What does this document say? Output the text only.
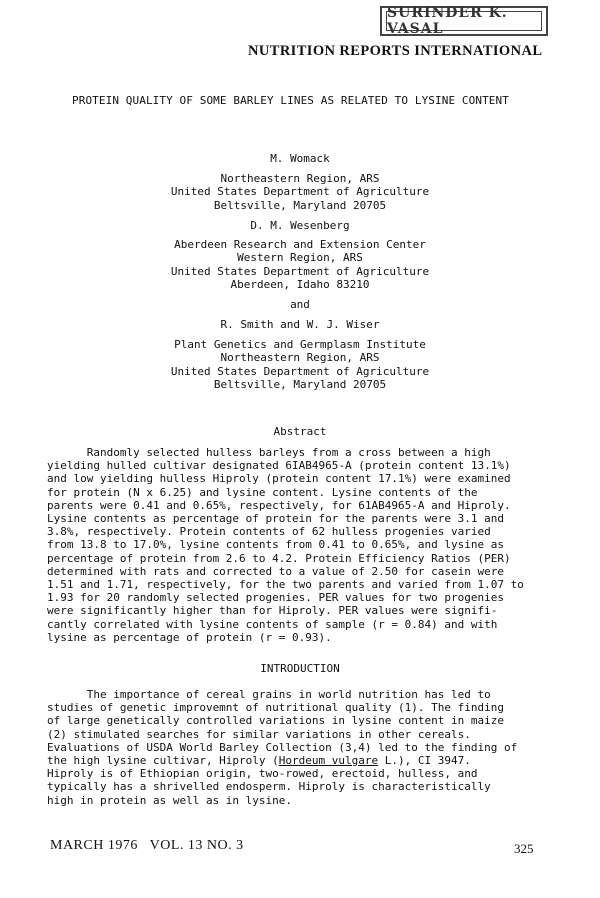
SURINDER K. VASAL
NUTRITION REPORTS INTERNATIONAL
PROTEIN QUALITY OF SOME BARLEY LINES AS RELATED TO LYSINE CONTENT
M. Womack
Northeastern Region, ARS
United States Department of Agriculture
Beltsville, Maryland 20705
D. M. Wesenberg
Aberdeen Research and Extension Center
Western Region, ARS
United States Department of Agriculture
Aberdeen, Idaho 83210
and
R. Smith and W. J. Wiser
Plant Genetics and Germplasm Institute
Northeastern Region, ARS
United States Department of Agriculture
Beltsville, Maryland 20705
Abstract
Randomly selected hulless barleys from a cross between a high
yielding hulled cultivar designated 6IAB4965-A (protein content 13.1%)
and low yielding hulless Hiproly (protein content 17.1%) were examined
for protein (N x 6.25) and lysine content. Lysine contents of the
parents were 0.41 and 0.65%, respectively, for 61AB4965-A and Hiproly.
Lysine contents as percentage of protein for the parents were 3.1 and
3.8%, respectively. Protein contents of 62 hulless progenies varied
from 13.8 to 17.0%, lysine contents from 0.41 to 0.65%, and lysine as
percentage of protein from 2.6 to 4.2. Protein Efficiency Ratios (PER)
determined with rats and corrected to a value of 2.50 for casein were
1.51 and 1.71, respectively, for the two parents and varied from 1.07 to
1.93 for 20 randomly selected progenies. PER values for two progenies
were significantly higher than for Hiproly. PER values were signifi-
cantly correlated with lysine contents of sample (r = 0.84) and with
lysine as percentage of protein (r = 0.93).
INTRODUCTION
The importance of cereal grains in world nutrition has led to
studies of genetic improvemnt of nutritional quality (1). The finding
of large genetically controlled variations in lysine content in maize
(2) stimulated searches for similar variations in other cereals.
Evaluations of USDA World Barley Collection (3,4) led to the finding of
the high lysine cultivar, Hiproly (Hordeum vulgare L.), CI 3947.
Hiproly is of Ethiopian origin, two-rowed, erectoid, hulless, and
typically has a shrivelled endosperm. Hiproly is characteristically
high in protein as well as in lysine.
MARCH 1976   VOL. 13 NO. 3	325
